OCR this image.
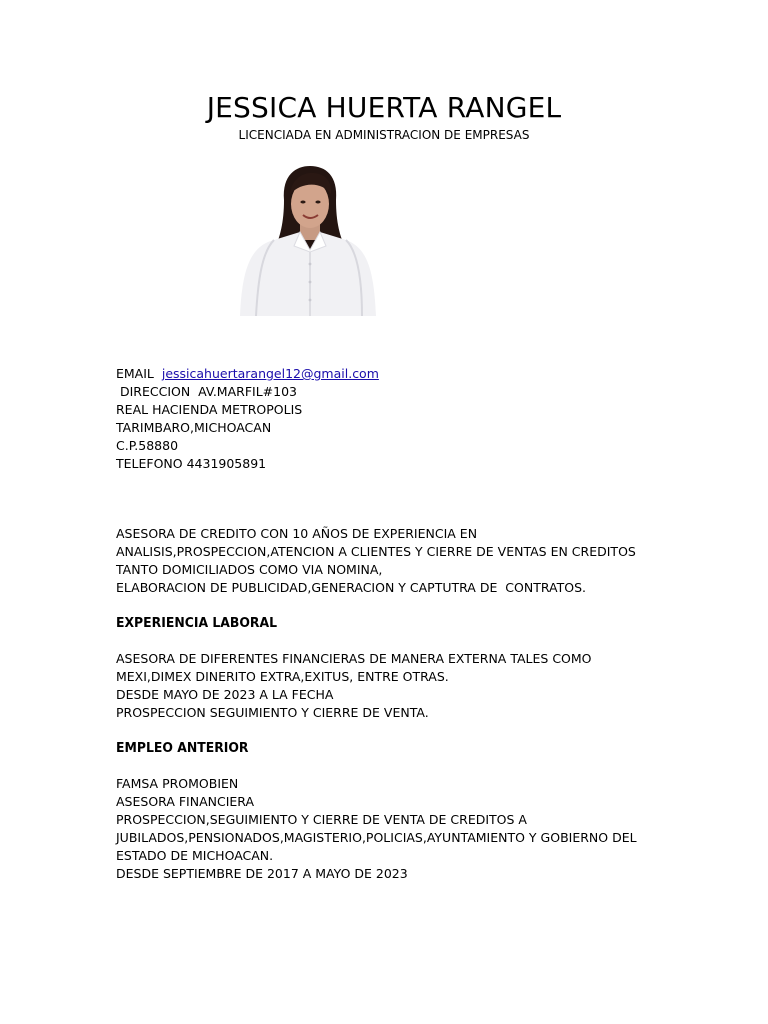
JESSICA HUERTA RANGEL
LICENCIADA EN ADMINISTRACION DE EMPRESAS
EMAIL jessicahuertarangel12@gmail.com
DIRECCION  AV.MARFIL#103
REAL HACIENDA METROPOLIS
TARIMBARO,MICHOACAN
C.P.58880
TELEFONO 4431905891
ASESORA DE CREDITO CON 10 AÑOS DE EXPERIENCIA EN
ANALISIS,PROSPECCION,ATENCION A CLIENTES Y CIERRE DE VENTAS EN CREDITOS
TANTO DOMICILIADOS COMO VIA NOMINA,
ELABORACION DE PUBLICIDAD,GENERACION Y CAPTUTRA DE  CONTRATOS.
EXPERIENCIA LABORAL
ASESORA DE DIFERENTES FINANCIERAS DE MANERA EXTERNA TALES COMO
MEXI,DIMEX DINERITO EXTRA,EXITUS, ENTRE OTRAS.
DESDE MAYO DE 2023 A LA FECHA
PROSPECCION SEGUIMIENTO Y CIERRE DE VENTA.
EMPLEO ANTERIOR
FAMSA PROMOBIEN
ASESORA FINANCIERA
PROSPECCION,SEGUIMIENTO Y CIERRE DE VENTA DE CREDITOS A
JUBILADOS,PENSIONADOS,MAGISTERIO,POLICIAS,AYUNTAMIENTO Y GOBIERNO DEL
ESTADO DE MICHOACAN.
DESDE SEPTIEMBRE DE 2017 A MAYO DE 2023
